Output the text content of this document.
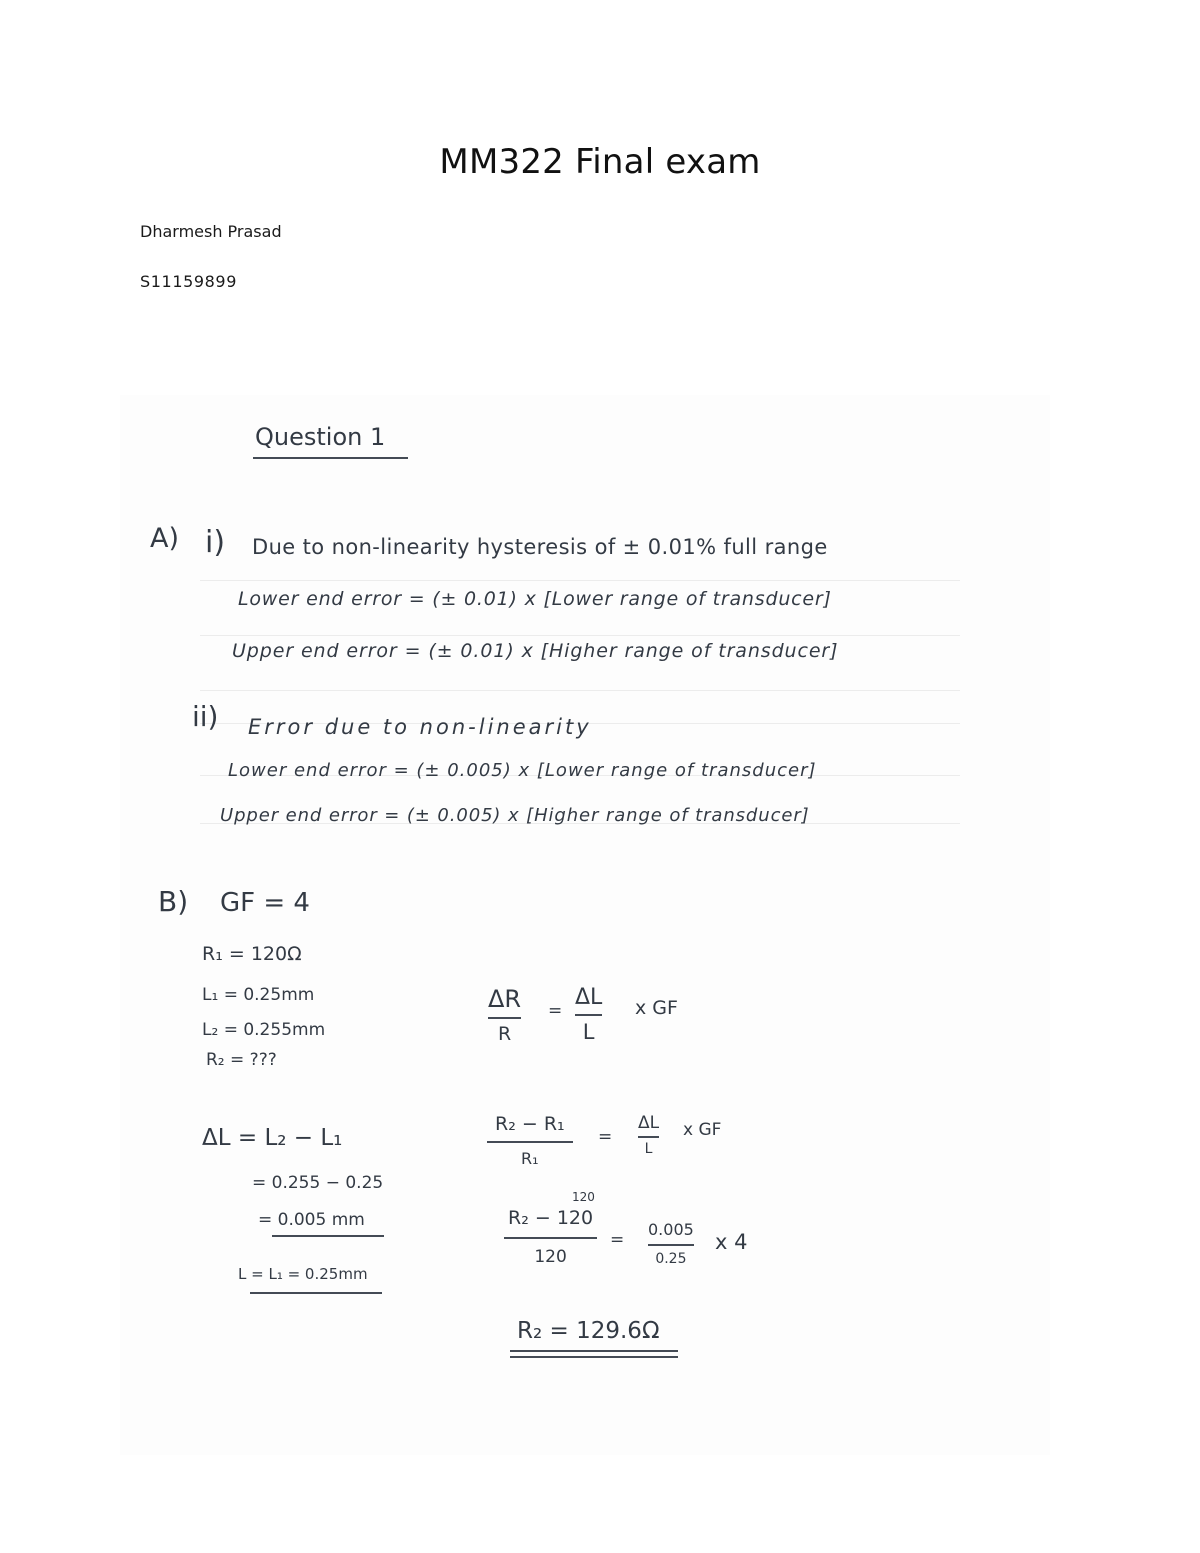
MM322 Final exam
Dharmesh Prasad
S11159899
Question 1
A) i) Due to non-linearity hysteresis of ± 0.01% full range
Lower end error = (± 0.01) x [Lower range of transducer]
Upper end error = (± 0.01) x [Higher range of transducer]
ii) Error due to non-linearity
Lower end error = (± 0.005) x [Lower range of transducer]
Upper end error = (± 0.005) x [Higher range of transducer]
B) GF = 4
R₁ = 120Ω
L₁ = 0.25mm
L₂ = 0.255mm
R₂ = ???
ΔR
R
=
ΔL
L
x GF
ΔL = L₂ − L₁
= 0.255 − 0.25
= 0.005 mm
L = L₁ = 0.25mm
R₂ − R₁
R₁
=
ΔL
L
x GF
120
R₂ − 120
120
=
0.005
0.25
x 4
R₂ = 129.6Ω
